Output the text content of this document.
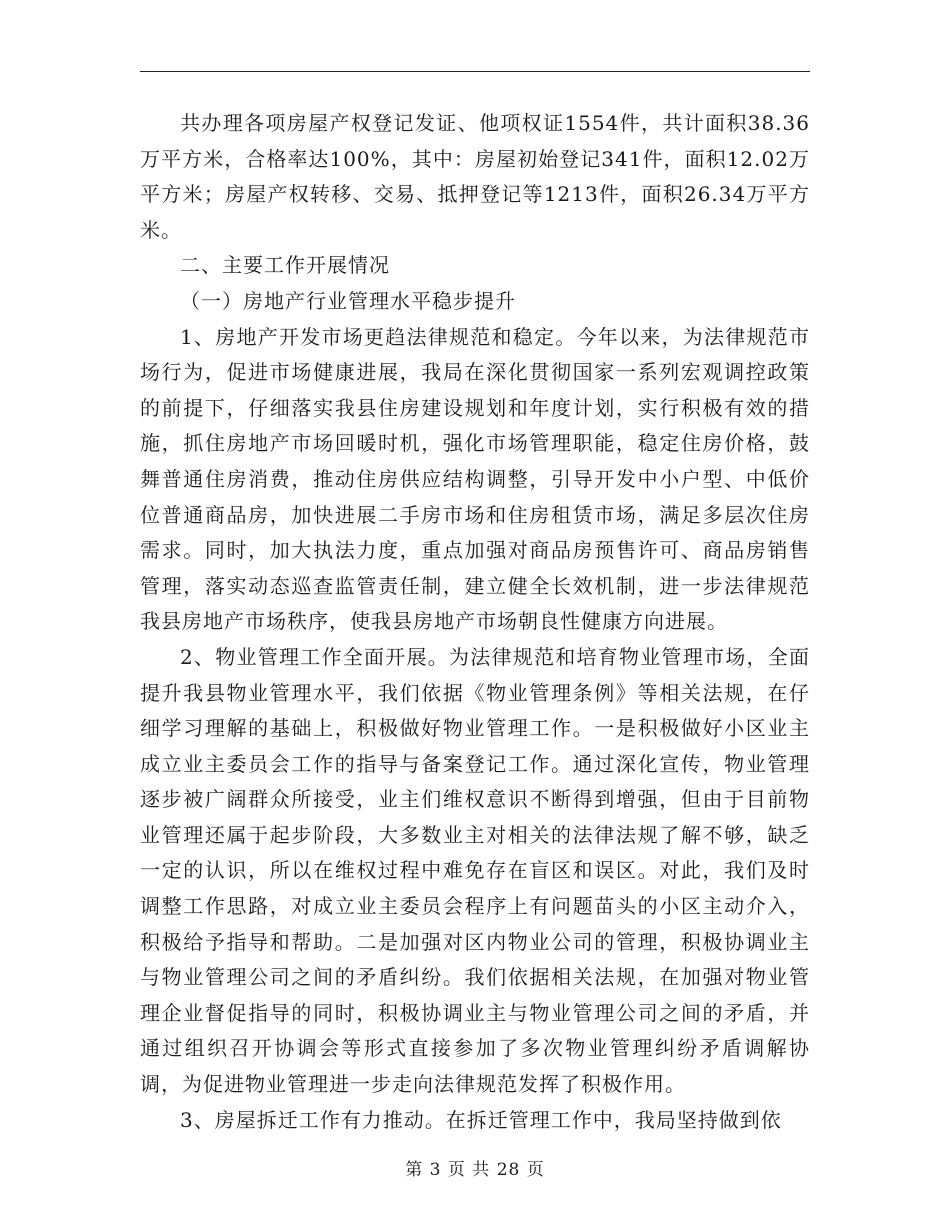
共办理各项房屋产权登记发证、他项权证1554件，共计面积38.36万平方米，合格率达100%，其中：房屋初始登记341件，面积12.02万平方米；房屋产权转移、交易、抵押登记等1213件，面积26.34万平方米。

二、主要工作开展情况

（一）房地产行业管理水平稳步提升

1、房地产开发市场更趋法律规范和稳定。今年以来，为法律规范市场行为，促进市场健康进展，我局在深化贯彻国家一系列宏观调控政策的前提下，仔细落实我县住房建设规划和年度计划，实行积极有效的措施，抓住房地产市场回暖时机，强化市场管理职能，稳定住房价格，鼓舞普通住房消费，推动住房供应结构调整，引导开发中小户型、中低价位普通商品房，加快进展二手房市场和住房租赁市场，满足多层次住房需求。同时，加大执法力度，重点加强对商品房预售许可、商品房销售管理，落实动态巡查监管责任制，建立健全长效机制，进一步法律规范我县房地产市场秩序，使我县房地产市场朝良性健康方向进展。

2、物业管理工作全面开展。为法律规范和培育物业管理市场，全面提升我县物业管理水平，我们依据《物业管理条例》等相关法规，在仔细学习理解的基础上，积极做好物业管理工作。一是积极做好小区业主成立业主委员会工作的指导与备案登记工作。通过深化宣传，物业管理逐步被广阔群众所接受，业主们维权意识不断得到增强，但由于目前物业管理还属于起步阶段，大多数业主对相关的法律法规了解不够，缺乏一定的认识，所以在维权过程中难免存在盲区和误区。对此，我们及时调整工作思路，对成立业主委员会程序上有问题苗头的小区主动介入，积极给予指导和帮助。二是加强对区内物业公司的管理，积极协调业主与物业管理公司之间的矛盾纠纷。我们依据相关法规，在加强对物业管理企业督促指导的同时，积极协调业主与物业管理公司之间的矛盾，并通过组织召开协调会等形式直接参加了多次物业管理纠纷矛盾调解协调，为促进物业管理进一步走向法律规范发挥了积极作用。

3、房屋拆迁工作有力推动。在拆迁管理工作中，我局坚持做到依

第 3 页 共 28 页
